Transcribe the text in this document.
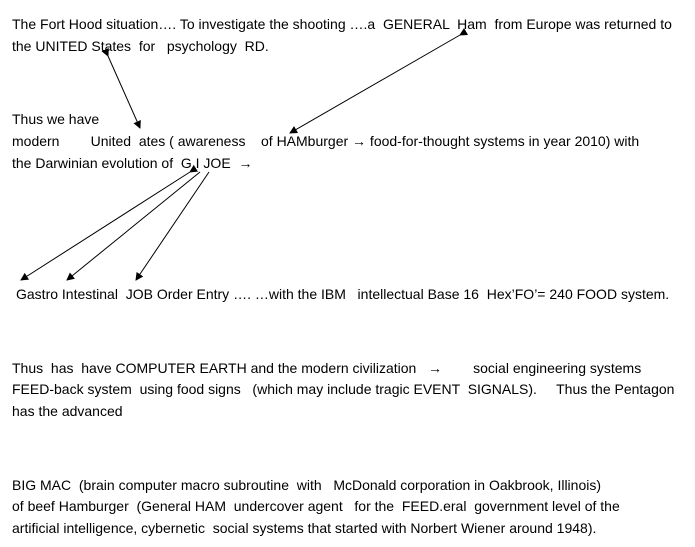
The Fort Hood situation…. To investigate the shooting ….a  GENERAL  Ham  from Europe was returned to
the UNITED States  for   psychology  RD.
Thus we have
modern        United  ates ( awareness    of HAMburger → food-for-thought systems in year 2010) with
the Darwinian evolution of  G.I JOE  →
Gastro Intestinal  JOB Order Entry …. …with the IBM   intellectual Base 16  Hex’FO’= 240 FOOD system.
Thus  has  have COMPUTER EARTH and the modern civilization   →        social engineering systems
FEED-back system  using food signs   (which may include tragic EVENT  SIGNALS).     Thus the Pentagon
has the advanced
BIG MAC  (brain computer macro subroutine  with   McDonald corporation in Oakbrook, Illinois)
of beef Hamburger  (General HAM  undercover agent   for the  FEED.eral  government level of the
artificial intelligence, cybernetic  social systems that started with Norbert Wiener around 1948).
